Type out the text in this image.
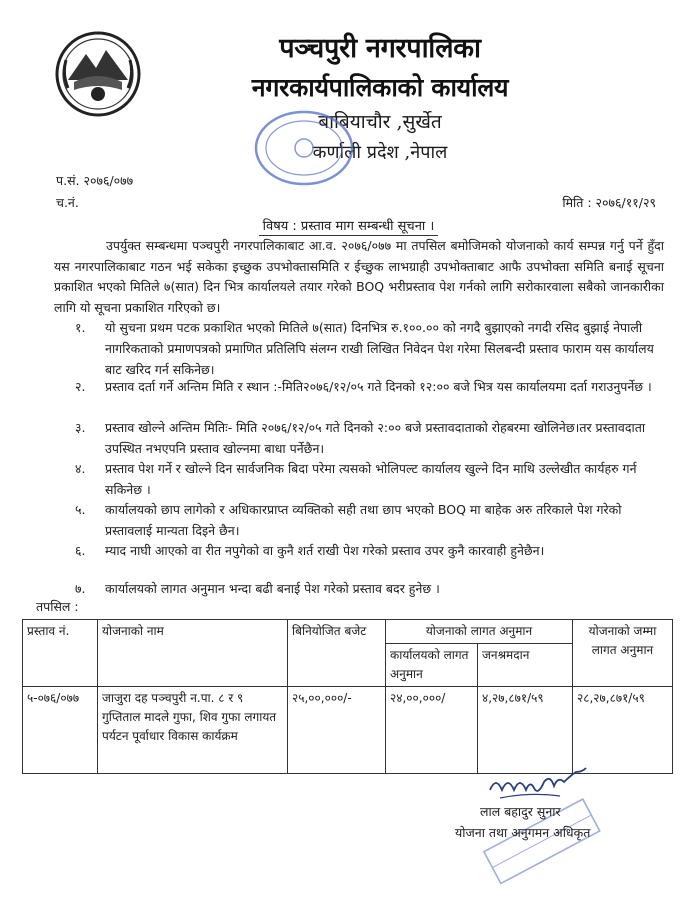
पञ्चपुरी नगरपालिका
नगरकार्यपालिकाको कार्यालय
बाबियाचौर ,सुर्खेत
कर्णाली प्रदेश ,नेपाल
प.सं. २०७६/०७७
च.नं.	मिति : २०७६/११/२९
विषय : प्रस्ताव माग सम्बन्धी सूचना ।

उपर्युक्त सम्बन्धमा पञ्चपुरी नगरपालिकाबाट आ.व. २०७६/०७७ मा तपसिल बमोजिमको योजनाको कार्य सम्पन्न गर्नु पर्ने हुँदा यस नगरपालिकाबाट गठन भई सकेका इच्छुक उपभोक्तासमिति र ईच्छुक लाभग्राही उपभोक्ताबाट आफै उपभोक्ता समिति बनाई सूचना प्रकाशित भएको मितिले ७(सात) दिन भित्र कार्यालयले तयार गरेको BOQ भरीप्रस्ताव पेश गर्नको लागि सरोकारवाला सबैको जानकारीका लागि यो सूचना प्रकाशित गरिएको छ।

१.	यो सुचना प्रथम पटक प्रकाशित भएको मितिले ७(सात) दिनभित्र रु.१००.०० को नगदै बुझाएको नगदी रसिद बुझाई नेपाली नागरिकताको प्रमाणपत्रको प्रमाणित प्रतिलिपि संलग्न राखी लिखित निवेदन पेश गरेमा सिलबन्दी प्रस्ताव फाराम यस कार्यालय बाट खरिद गर्न सकिनेछ।
२.	प्रस्ताव दर्ता गर्ने अन्तिम मिति र स्थान :-मिति२०७६/१२/०५ गते दिनको १२:०० बजे भित्र यस कार्यालयमा दर्ता गराउनुपर्नेछ ।
३.	प्रस्ताव खोल्ने अन्तिम मितिः- मिति २०७६/१२/०५ गते दिनको २:०० बजे प्रस्तावदाताको रोहबरमा खोलिनेछ।तर प्रस्तावदाता उपस्थित नभएपनि प्रस्ताव खोल्नमा बाधा पर्नेछैन।
४.	प्रस्ताव पेश गर्ने र खोल्ने दिन सार्वजनिक बिदा परेमा त्यसको भोलिपल्ट कार्यालय खुल्ने दिन माथि उल्लेखीत कार्यहरु गर्न सकिनेछ ।
५.	कार्यालयको छाप लागेको र अधिकारप्राप्त व्यक्तिको सही तथा छाप भएको BOQ मा बाहेक अरु तरिकाले पेश गरेको प्रस्तावलाई मान्यता दिइने छैन।
६.	म्याद नाघी आएको वा रीत नपुगेको वा कुनै शर्त राखी पेश गरेको प्रस्ताव उपर कुनै कारवाही हुनेछैन।
७.	कार्यालयको लागत अनुमान भन्दा बढी बनाई पेश गरेको प्रस्ताव बदर हुनेछ ।
तपसिल :
प्रस्ताव नं.	योजनाको नाम	बिनियोजित बजेट	योजनाको लागत अनुमान		योजनाको जम्मा लागत अनुमान
			कार्यालयको लागत अनुमान	जनश्रमदान	
५-०७६/०७७	जाजुरा दह पञ्चपुरी न.पा. ८ र ९ गुप्तिताल मादले गुफा, शिव गुफा लगायत पर्यटन पूर्वाधार विकास कार्यक्रम	२५,००,०००/-	२४,००,०००/	४,२७,८७१/५९	२८,२७,८७१/५९
लाल बहादुर सुनार
योजना तथा अनुगमन अधिकृत
